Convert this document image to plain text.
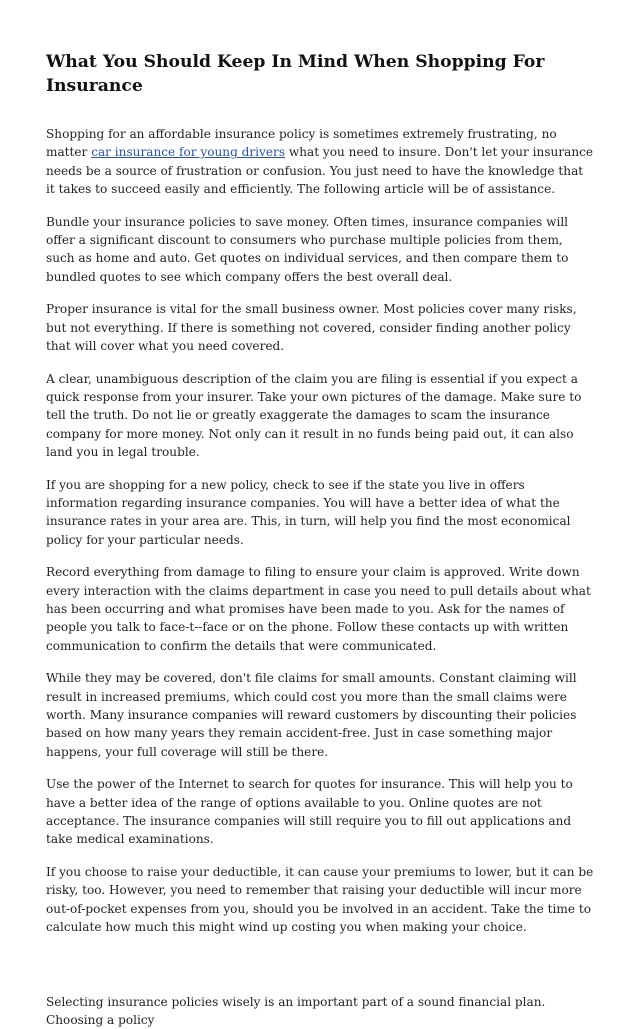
What You Should Keep In Mind When Shopping For Insurance

Shopping for an affordable insurance policy is sometimes extremely frustrating, no matter car insurance for young drivers what you need to insure. Don't let your insurance needs be a source of frustration or confusion. You just need to have the knowledge that it takes to succeed easily and efficiently. The following article will be of assistance.

Bundle your insurance policies to save money. Often times, insurance companies will offer a significant discount to consumers who purchase multiple policies from them, such as home and auto. Get quotes on individual services, and then compare them to bundled quotes to see which company offers the best overall deal.

Proper insurance is vital for the small business owner. Most policies cover many risks, but not everything. If there is something not covered, consider finding another policy that will cover what you need covered.

A clear, unambiguous description of the claim you are filing is essential if you expect a quick response from your insurer. Take your own pictures of the damage. Make sure to tell the truth. Do not lie or greatly exaggerate the damages to scam the insurance company for more money. Not only can it result in no funds being paid out, it can also land you in legal trouble.

If you are shopping for a new policy, check to see if the state you live in offers information regarding insurance companies. You will have a better idea of what the insurance rates in your area are. This, in turn, will help you find the most economical policy for your particular needs.

Record everything from damage to filing to ensure your claim is approved. Write down every interaction with the claims department in case you need to pull details about what has been occurring and what promises have been made to you. Ask for the names of people you talk to face-t--face or on the phone. Follow these contacts up with written communication to confirm the details that were communicated.

While they may be covered, don't file claims for small amounts. Constant claiming will result in increased premiums, which could cost you more than the small claims were worth. Many insurance companies will reward customers by discounting their policies based on how many years they remain accident-free. Just in case something major happens, your full coverage will still be there.

Use the power of the Internet to search for quotes for insurance. This will help you to have a better idea of the range of options available to you. Online quotes are not acceptance. The insurance companies will still require you to fill out applications and take medical examinations.

If you choose to raise your deductible, it can cause your premiums to lower, but it can be risky, too. However, you need to remember that raising your deductible will incur more out-of-pocket expenses from you, should you be involved in an accident. Take the time to calculate how much this might wind up costing you when making your choice.

Selecting insurance policies wisely is an important part of a sound financial plan. Choosing a policy
